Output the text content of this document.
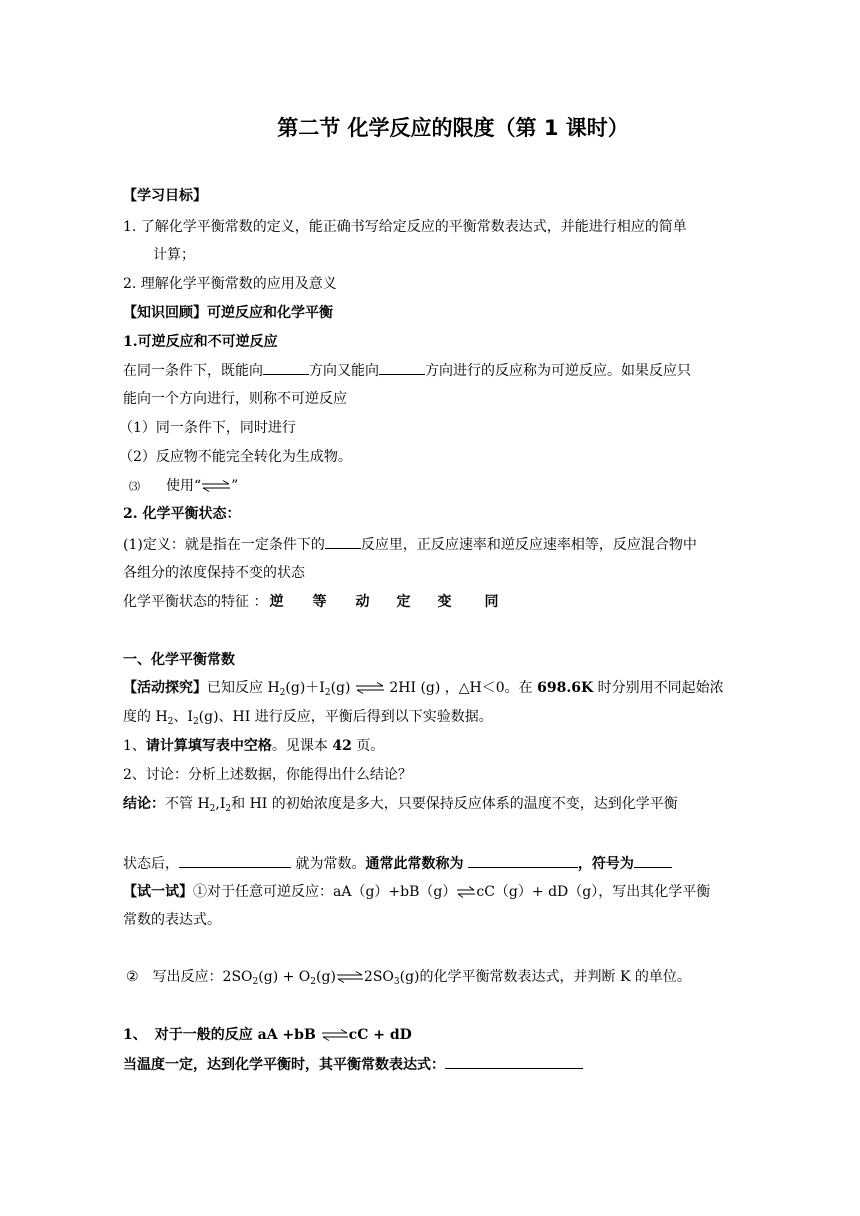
第二节 化学反应的限度（第 1 课时）
【学习目标】
1. 了解化学平衡常数的定义，能正确书写给定反应的平衡常数表达式，并能进行相应的简单
计算；
2. 理解化学平衡常数的应用及意义
【知识回顾】可逆反应和化学平衡
1.可逆反应和不可逆反应
在同一条件下，既能向	方向又能向	方向进行的反应称为可逆反应。如果反应只
能向一个方向进行，则称不可逆反应
（1）同一条件下，同时进行
（2）反应物不能完全转化为生成物。
⑶ 使用“⇌”
2. 化学平衡状态：
(1)定义：就是指在一定条件下的	反应里，正反应速率和逆反应速率相等，反应混合物中
各组分的浓度保持不变的状态
化学平衡状态的特征 ： 逆 等 动 定 变 同
一、化学平衡常数
【活动探究】已知反应 $H_2(g)+I_2(g)$ ⇌ 2HI (g) ，△H＜0。在 698.6K 时分别用不同起始浓
度的 $H_2$、$I_2(g)$、HI 进行反应，平衡后得到以下实验数据。
1、请计算填写表中空格。见课本 42 页。
2、讨论：分析上述数据，你能得出什么结论？
结论：不管 $H_2,I_2$和 HI 的初始浓度是多大，只要保持反应体系的温度不变，达到化学平衡
状态后，	就为常数。通常此常数称为	，符号为
【试一试】①对于任意可逆反应：aA（g）+bB（g）⇌cC（g）+ dD（g），写出其化学平衡
常数的表达式。
② 写出反应：$2SO_2(g)$ + $O_2(g)\rightleftharpoons 2SO_3(g)$的化学平衡常数表达式，并判断 K 的单位。
1、 对于一般的反应 aA +bB ⇌cC + dD
当温度一定，达到化学平衡时，其平衡常数表达式：
